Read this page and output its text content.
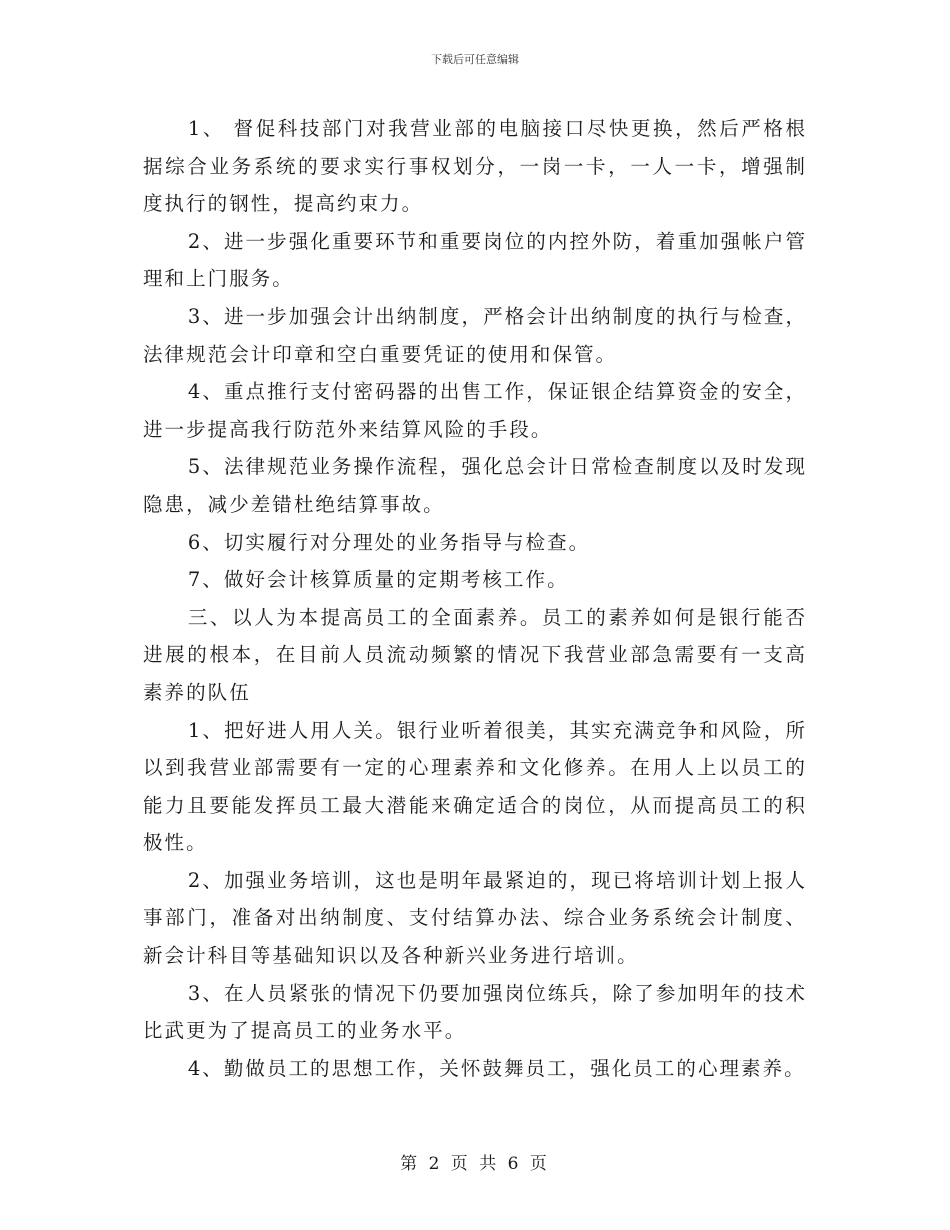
下载后可任意编辑

1、 督促科技部门对我营业部的电脑接口尽快更换，然后严格根据综合业务系统的要求实行事权划分，一岗一卡，一人一卡，增强制度执行的钢性，提高约束力。

2、进一步强化重要环节和重要岗位的内控外防，着重加强帐户管理和上门服务。

3、进一步加强会计出纳制度，严格会计出纳制度的执行与检查，法律规范会计印章和空白重要凭证的使用和保管。

4、重点推行支付密码器的出售工作，保证银企结算资金的安全，进一步提高我行防范外来结算风险的手段。

5、法律规范业务操作流程，强化总会计日常检查制度以及时发现隐患，减少差错杜绝结算事故。

6、切实履行对分理处的业务指导与检查。

7、做好会计核算质量的定期考核工作。

三、以人为本提高员工的全面素养。员工的素养如何是银行能否进展的根本，在目前人员流动频繁的情况下我营业部急需要有一支高素养的队伍

1、把好进人用人关。银行业听着很美，其实充满竞争和风险，所以到我营业部需要有一定的心理素养和文化修养。在用人上以员工的能力且要能发挥员工最大潜能来确定适合的岗位，从而提高员工的积极性。

2、加强业务培训，这也是明年最紧迫的，现已将培训计划上报人事部门，准备对出纳制度、支付结算办法、综合业务系统会计制度、新会计科目等基础知识以及各种新兴业务进行培训。

3、在人员紧张的情况下仍要加强岗位练兵，除了参加明年的技术比武更为了提高员工的业务水平。

4、勤做员工的思想工作，关怀鼓舞员工，强化员工的心理素养。

第 2 页 共 6 页
